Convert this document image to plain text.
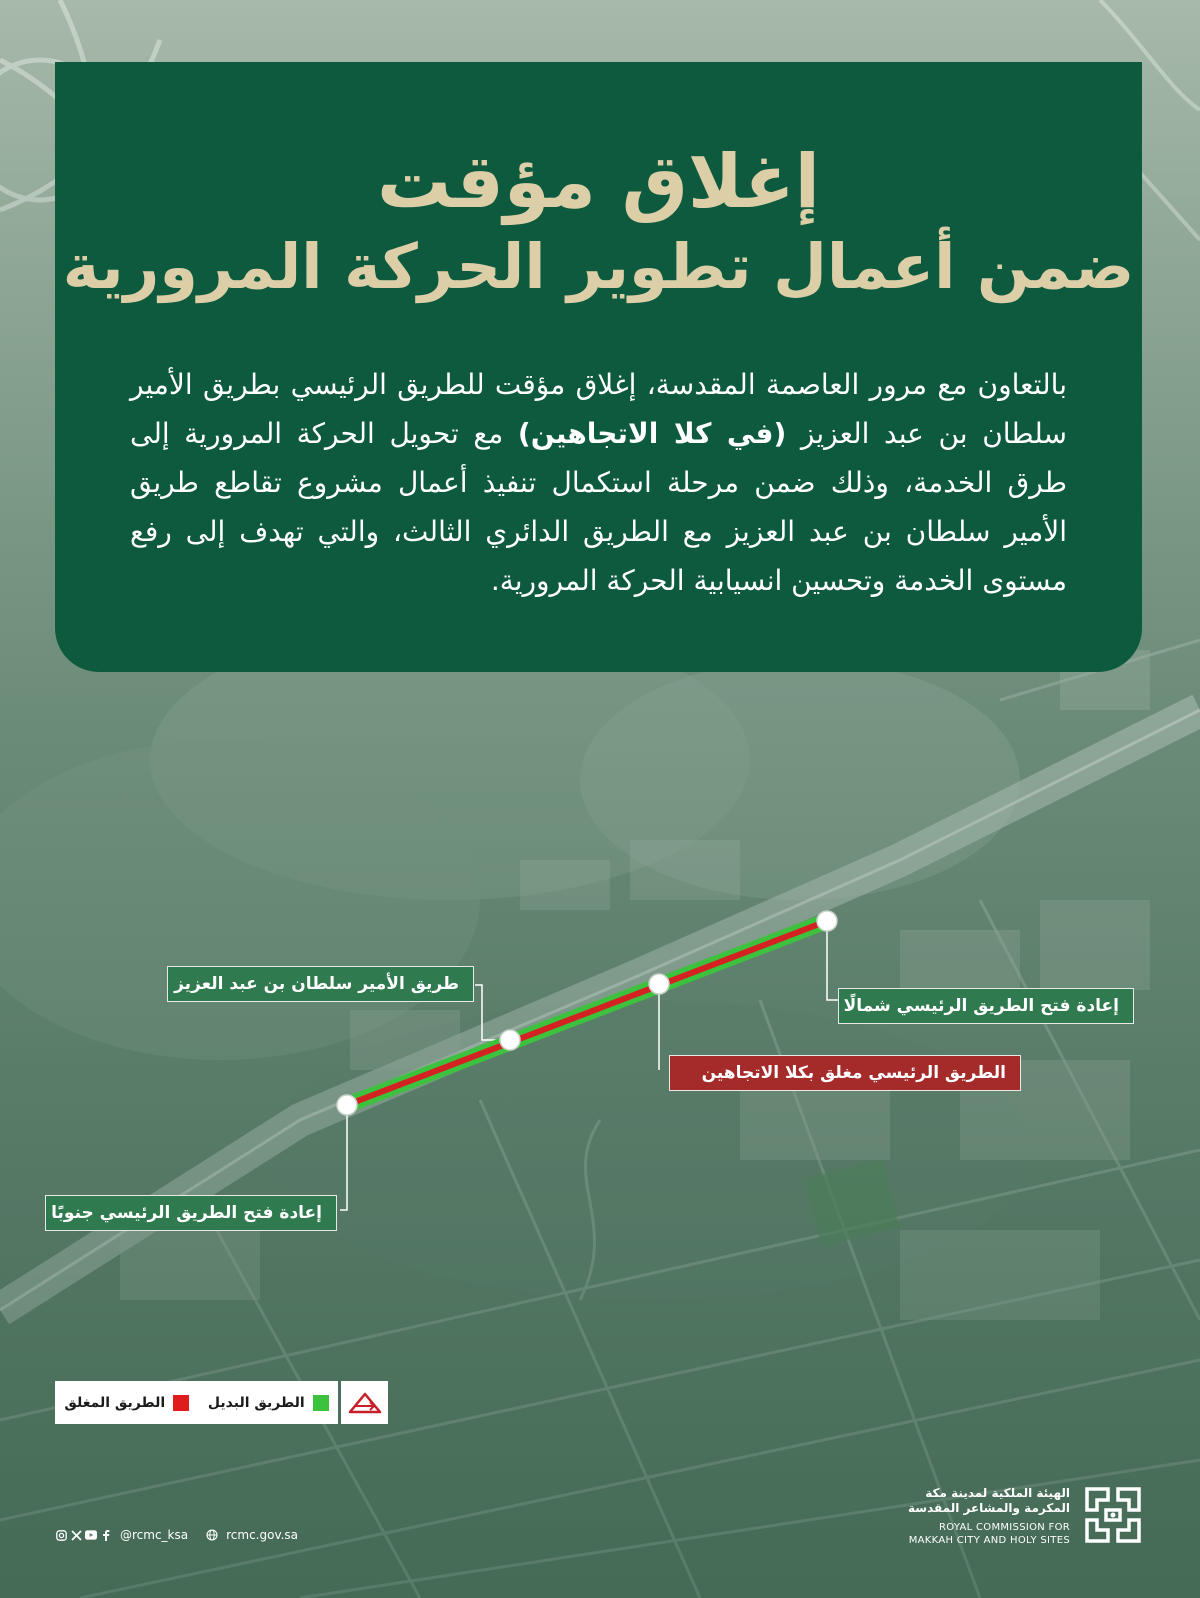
إغلاق مؤقت
ضمن أعمال تطوير الحركة المرورية

بالتعاون مع مرور العاصمة المقدسة، إغلاق مؤقت للطريق الرئيسي بطريق الأمير سلطان بن عبد العزيز (في كلا الاتجاهين) مع تحويل الحركة المرورية إلى طرق الخدمة، وذلك ضمن مرحلة استكمال تنفيذ أعمال مشروع تقاطع طريق الأمير سلطان بن عبد العزيز مع الطريق الدائري الثالث، والتي تهدف إلى رفع مستوى الخدمة وتحسين انسيابية الحركة المرورية.

طريق الأمير سلطان بن عبد العزيز
إعادة فتح الطريق الرئيسي شمالًا
الطريق الرئيسي مغلق بكلا الاتجاهين
إعادة فتح الطريق الرئيسي جنوبًا
الطريق البديل
الطريق المغلق
@rcmc_ksa	rcmc.gov.sa
الهيئة الملكية لمدينة مكة
المكرمة والمشاعر المقدسة
ROYAL COMMISSION FOR
MAKKAH CITY AND HOLY SITES
